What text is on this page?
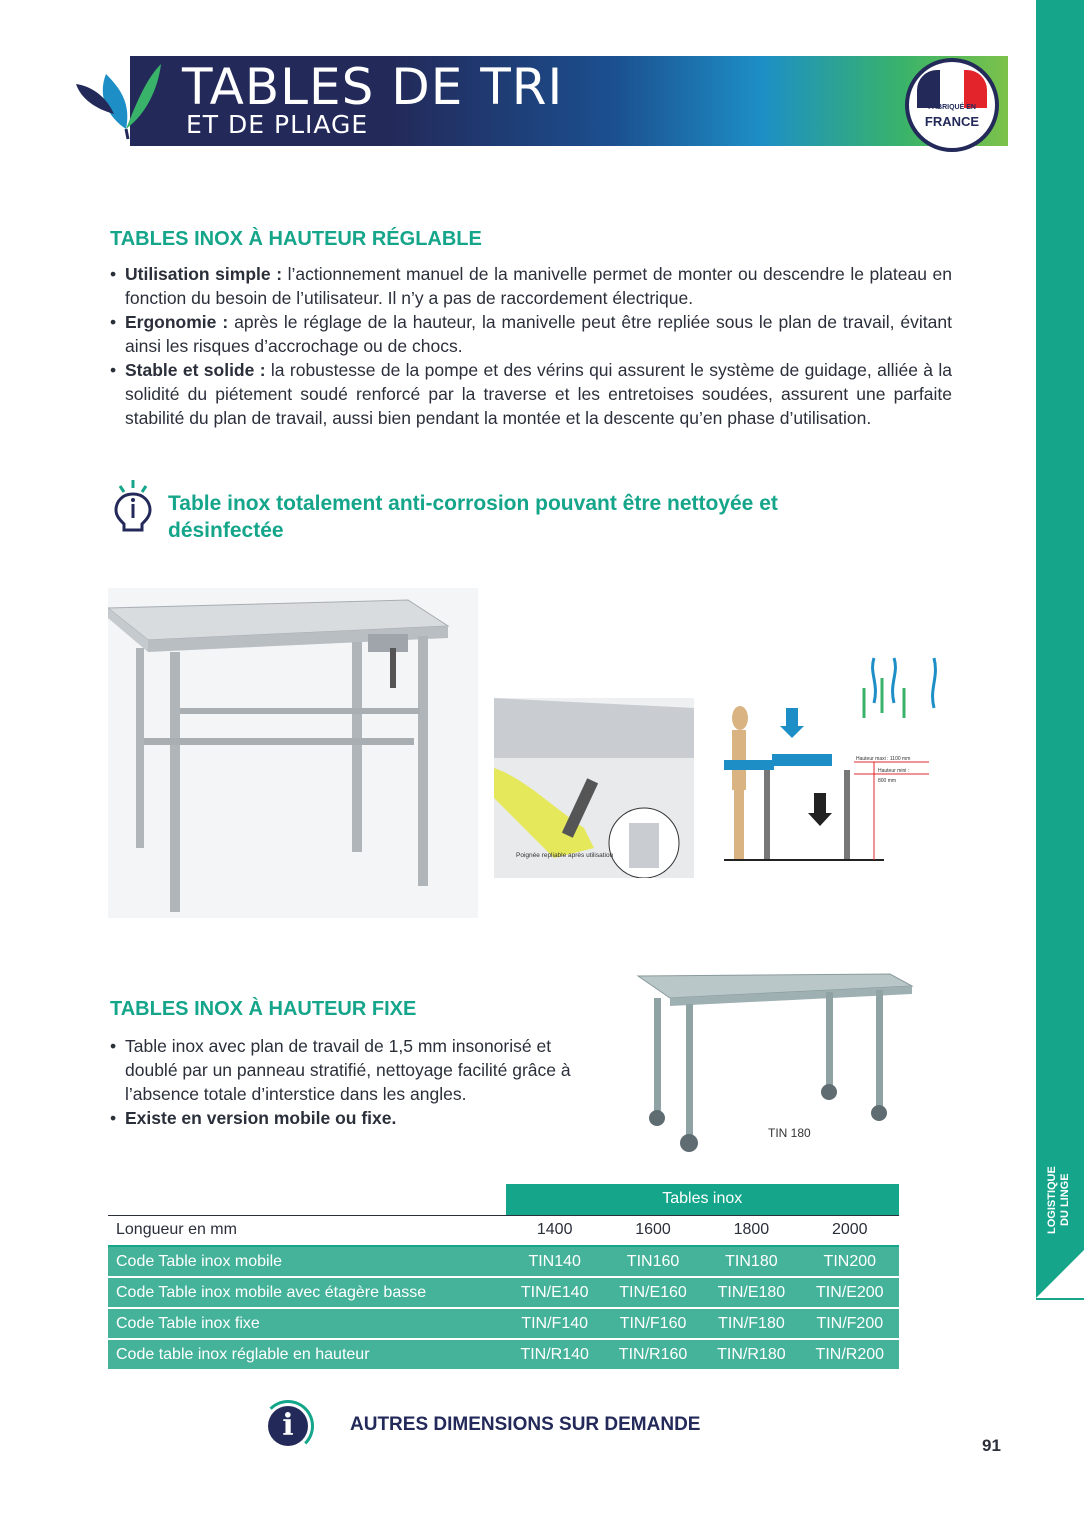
TABLES DE TRI
ET DE PLIAGE
FABRIQUÉ EN
FRANCE
LOGISTIQUE
DU LINGE
TABLES INOX À HAUTEUR RÉGLABLE
• Utilisation simple : l’actionnement manuel de la manivelle permet de monter ou descendre le plateau en fonction du besoin de l’utilisateur. Il n’y a pas de raccordement électrique.
• Ergonomie : après le réglage de la hauteur, la manivelle peut être repliée sous le plan de travail, évitant ainsi les risques d’accrochage ou de chocs.
• Stable et solide : la robustesse de la pompe et des vérins qui assurent le système de guidage, alliée à la solidité du piétement soudé renforcé par la traverse et les entretoises soudées, assurent une parfaite stabilité du plan de travail, aussi bien pendant la montée et la descente qu’en phase d’utilisation.
Table inox totalement anti-corrosion pouvant être nettoyée et désinfectée
Poignée repliable après utilisation
Hauteur maxi : 1100 mm
Hauteur mini :
800 mm
TABLES INOX À HAUTEUR FIXE
• Table inox avec plan de travail de 1,5 mm insonorisé et doublé par un panneau stratifié, nettoyage facilité grâce à l’absence totale d’interstice dans les angles.
• Existe en version mobile ou fixe.
TIN 180
	Tables inox			
Longueur en mm	1400	1600	1800	2000
Code Table inox mobile	TIN140	TIN160	TIN180	TIN200
Code Table inox mobile avec étagère basse	TIN/E140	TIN/E160	TIN/E180	TIN/E200
Code Table inox fixe	TIN/F140	TIN/F160	TIN/F180	TIN/F200
Code table inox réglable en hauteur	TIN/R140	TIN/R160	TIN/R180	TIN/R200
i	AUTRES DIMENSIONS SUR DEMANDE
91
